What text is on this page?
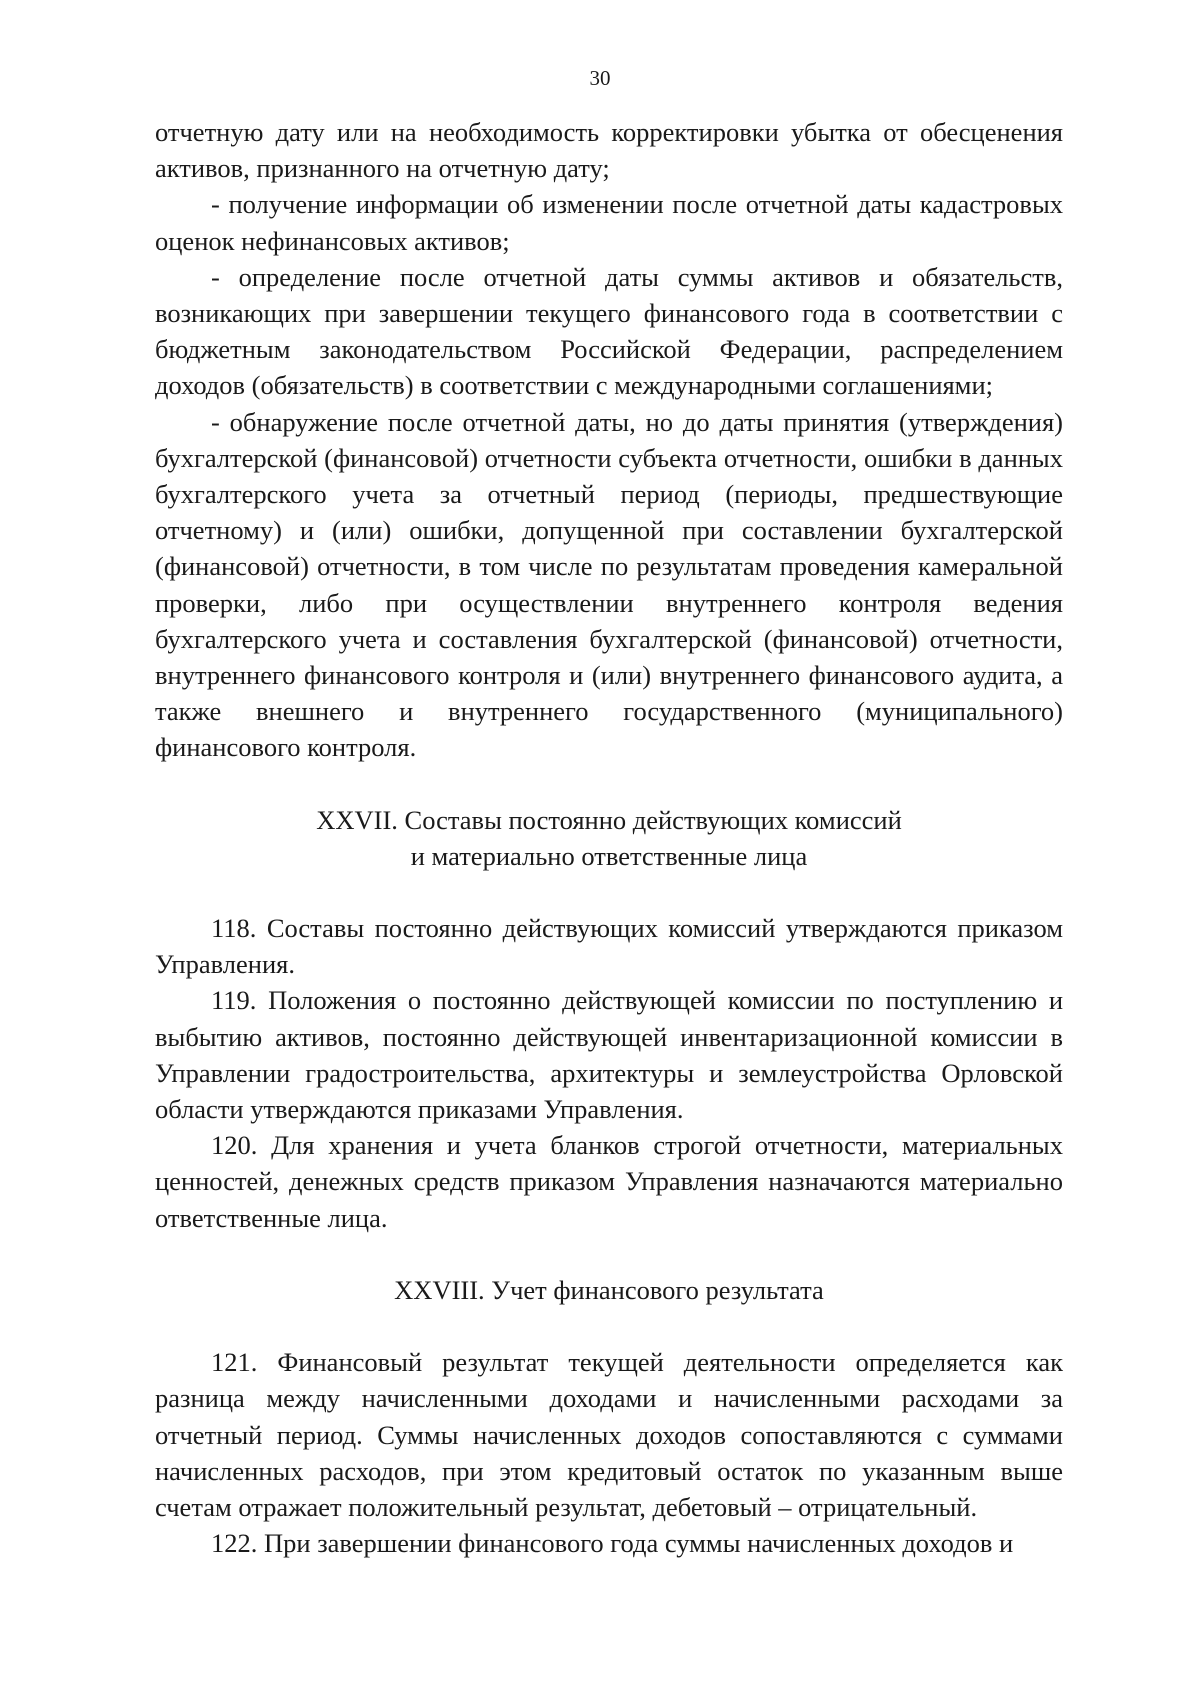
30

отчетную дату или на необходимость корректировки убытка от обесценения активов, признанного на отчетную дату;

- получение информации об изменении после отчетной даты кадастровых оценок нефинансовых активов;

- определение после отчетной даты суммы активов и обязательств, возникающих при завершении текущего финансового года в соответствии с бюджетным законодательством Российской Федерации, распределением доходов (обязательств) в соответствии с международными соглашениями;

- обнаружение после отчетной даты, но до даты принятия (утверждения) бухгалтерской (финансовой) отчетности субъекта отчетности, ошибки в данных бухгалтерского учета за отчетный период (периоды, предшествующие отчетному) и (или) ошибки, допущенной при составлении бухгалтерской (финансовой) отчетности, в том числе по результатам проведения камеральной проверки, либо при осуществлении внутреннего контроля ведения бухгалтерского учета и составления бухгалтерской (финансовой) отчетности, внутреннего финансового контроля и (или) внутреннего финансового аудита, а также внешнего и внутреннего государственного (муниципального) финансового контроля.

XXVII. Составы постоянно действующих комиссий
и материально ответственные лица

118. Составы постоянно действующих комиссий утверждаются приказом Управления.

119. Положения о постоянно действующей комиссии по поступлению и выбытию активов, постоянно действующей инвентаризационной комиссии в Управлении градостроительства, архитектуры и землеустройства Орловской области утверждаются приказами Управления.

120. Для хранения и учета бланков строгой отчетности, материальных ценностей, денежных средств приказом Управления назначаются материально ответственные лица.

XXVIII. Учет финансового результата

121. Финансовый результат текущей деятельности определяется как разница между начисленными доходами и начисленными расходами за отчетный период. Суммы начисленных доходов сопоставляются с суммами начисленных расходов, при этом кредитовый остаток по указанным выше счетам отражает положительный результат, дебетовый – отрицательный.

122. При завершении финансового года суммы начисленных доходов и
